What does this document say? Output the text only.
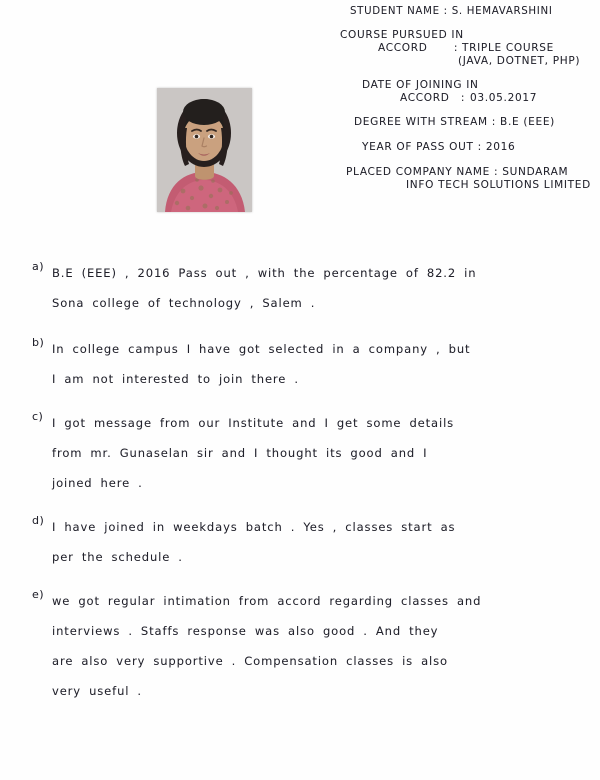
STUDENT NAME : S. HEMAVARSHINI
COURSE PURSUED IN
ACCORD	: TRIPLE COURSE
(JAVA, DOTNET, PHP)
DATE OF JOINING IN
ACCORD	: 03.05.2017
DEGREE WITH STREAM : B.E (EEE)
YEAR OF PASS OUT : 2016
PLACED COMPANY NAME : SUNDARAM
INFO TECH SOLUTIONS LIMITED
a) B.E (EEE) , 2016 Pass out , with the percentage of 82.2 in
Sona college of technology , Salem .
b) In college campus I have got selected in a company , but
I am not interested to join there .
c) I got message from our Institute and I get some details
from mr. Gunaselan sir and I thought its good and I
joined here .
d) I have joined in weekdays batch . Yes , classes start as
per the schedule .
e) we got regular intimation from accord regarding classes and
interviews . Staffs response was also good . And they
are also very supportive . Compensation classes is also
very useful .
